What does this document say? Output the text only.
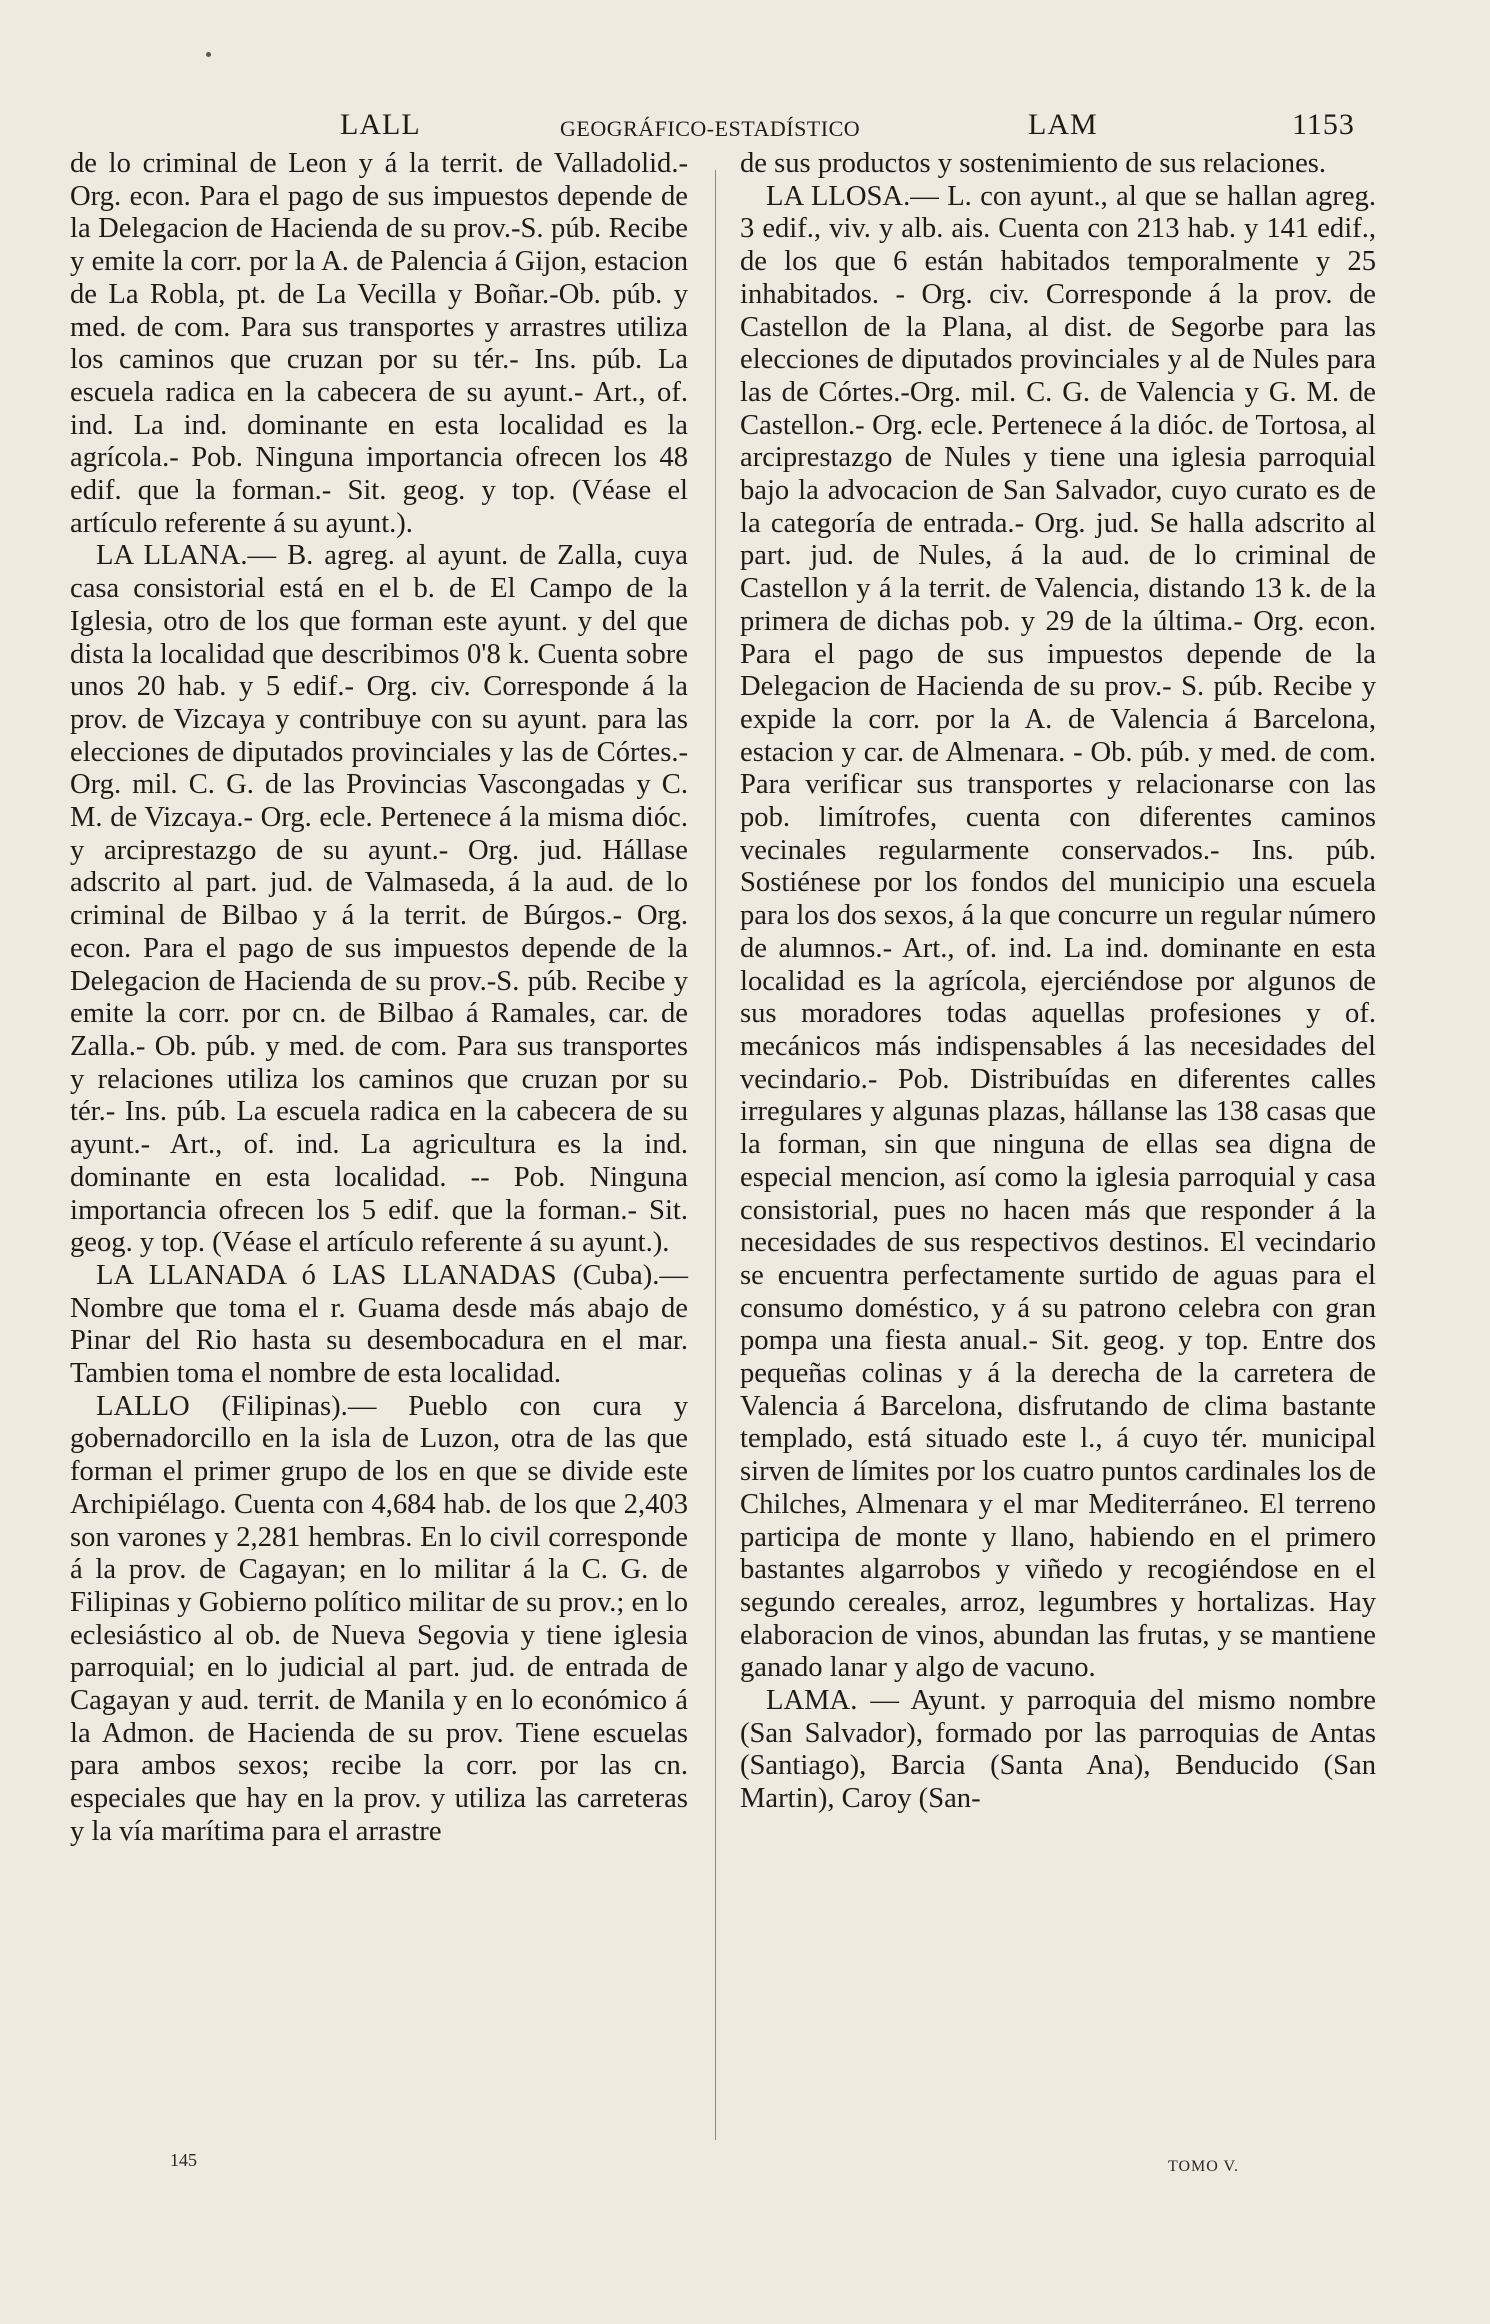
LALL	GEOGRÁFICO-ESTADÍSTICO	LAM	1153

de lo criminal de Leon y á la territ. de Valladolid.- Org. econ. Para el pago de sus impuestos depende de la Delegacion de Hacienda de su prov.-S. púb. Recibe y emite la corr. por la A. de Palencia á Gijon, estacion de La Robla, pt. de La Vecilla y Boñar.-Ob. púb. y med. de com. Para sus transportes y arrastres utiliza los caminos que cruzan por su tér.- Ins. púb. La escuela radica en la cabecera de su ayunt.- Art., of. ind. La ind. dominante en esta localidad es la agrícola.- Pob. Ninguna importancia ofrecen los 48 edif. que la forman.- Sit. geog. y top. (Véase el artículo referente á su ayunt.).

LA LLANA.— B. agreg. al ayunt. de Zalla, cuya casa consistorial está en el b. de El Campo de la Iglesia, otro de los que forman este ayunt. y del que dista la localidad que describimos 0'8 k. Cuenta sobre unos 20 hab. y 5 edif.- Org. civ. Corresponde á la prov. de Vizcaya y contribuye con su ayunt. para las elecciones de diputados provinciales y las de Córtes.- Org. mil. C. G. de las Provincias Vascongadas y C. M. de Vizcaya.- Org. ecle. Pertenece á la misma dióc. y arciprestazgo de su ayunt.- Org. jud. Hállase adscrito al part. jud. de Valmaseda, á la aud. de lo criminal de Bilbao y á la territ. de Búrgos.- Org. econ. Para el pago de sus impuestos depende de la Delegacion de Hacienda de su prov.-S. púb. Recibe y emite la corr. por cn. de Bilbao á Ramales, car. de Zalla.- Ob. púb. y med. de com. Para sus transportes y relaciones utiliza los caminos que cruzan por su tér.- Ins. púb. La escuela radica en la cabecera de su ayunt.- Art., of. ind. La agricultura es la ind. dominante en esta localidad. -- Pob. Ninguna importancia ofrecen los 5 edif. que la forman.- Sit. geog. y top. (Véase el artículo referente á su ayunt.).

LA LLANADA ó LAS LLANADAS (Cuba).— Nombre que toma el r. Guama desde más abajo de Pinar del Rio hasta su desembocadura en el mar. Tambien toma el nombre de esta localidad.

LALLO (Filipinas).— Pueblo con cura y gobernadorcillo en la isla de Luzon, otra de las que forman el primer grupo de los en que se divide este Archipiélago. Cuenta con 4,684 hab. de los que 2,403 son varones y 2,281 hembras. En lo civil corresponde á la prov. de Cagayan; en lo militar á la C. G. de Filipinas y Gobierno político militar de su prov.; en lo eclesiástico al ob. de Nueva Segovia y tiene iglesia parroquial; en lo judicial al part. jud. de entrada de Cagayan y aud. territ. de Manila y en lo económico á la Admon. de Hacienda de su prov. Tiene escuelas para ambos sexos; recibe la corr. por las cn. especiales que hay en la prov. y utiliza las carreteras y la vía marítima para el arrastre

de sus productos y sostenimiento de sus relaciones.

LA LLOSA.— L. con ayunt., al que se hallan agreg. 3 edif., viv. y alb. ais. Cuenta con 213 hab. y 141 edif., de los que 6 están habitados temporalmente y 25 inhabitados. - Org. civ. Corresponde á la prov. de Castellon de la Plana, al dist. de Segorbe para las elecciones de diputados provinciales y al de Nules para las de Córtes.-Org. mil. C. G. de Valencia y G. M. de Castellon.- Org. ecle. Pertenece á la dióc. de Tortosa, al arciprestazgo de Nules y tiene una iglesia parroquial bajo la advocacion de San Salvador, cuyo curato es de la categoría de entrada.- Org. jud. Se halla adscrito al part. jud. de Nules, á la aud. de lo criminal de Castellon y á la territ. de Valencia, distando 13 k. de la primera de dichas pob. y 29 de la última.- Org. econ. Para el pago de sus impuestos depende de la Delegacion de Hacienda de su prov.- S. púb. Recibe y expide la corr. por la A. de Valencia á Barcelona, estacion y car. de Almenara. - Ob. púb. y med. de com. Para verificar sus transportes y relacionarse con las pob. limítrofes, cuenta con diferentes caminos vecinales regularmente conservados.- Ins. púb. Sostiénese por los fondos del municipio una escuela para los dos sexos, á la que concurre un regular número de alumnos.- Art., of. ind. La ind. dominante en esta localidad es la agrícola, ejerciéndose por algunos de sus moradores todas aquellas profesiones y of. mecánicos más indispensables á las necesidades del vecindario.- Pob. Distribuídas en diferentes calles irregulares y algunas plazas, hállanse las 138 casas que la forman, sin que ninguna de ellas sea digna de especial mencion, así como la iglesia parroquial y casa consistorial, pues no hacen más que responder á la necesidades de sus respectivos destinos. El vecindario se encuentra perfectamente surtido de aguas para el consumo doméstico, y á su patrono celebra con gran pompa una fiesta anual.- Sit. geog. y top. Entre dos pequeñas colinas y á la derecha de la carretera de Valencia á Barcelona, disfrutando de clima bastante templado, está situado este l., á cuyo tér. municipal sirven de límites por los cuatro puntos cardinales los de Chilches, Almenara y el mar Mediterráneo. El terreno participa de monte y llano, habiendo en el primero bastantes algarrobos y viñedo y recogiéndose en el segundo cereales, arroz, legumbres y hortalizas. Hay elaboracion de vinos, abundan las frutas, y se mantiene ganado lanar y algo de vacuno.

LAMA. — Ayunt. y parroquia del mismo nombre (San Salvador), formado por las parroquias de Antas (Santiago), Barcia (Santa Ana), Benducido (San Martin), Caroy (San-

145	TOMO V.
